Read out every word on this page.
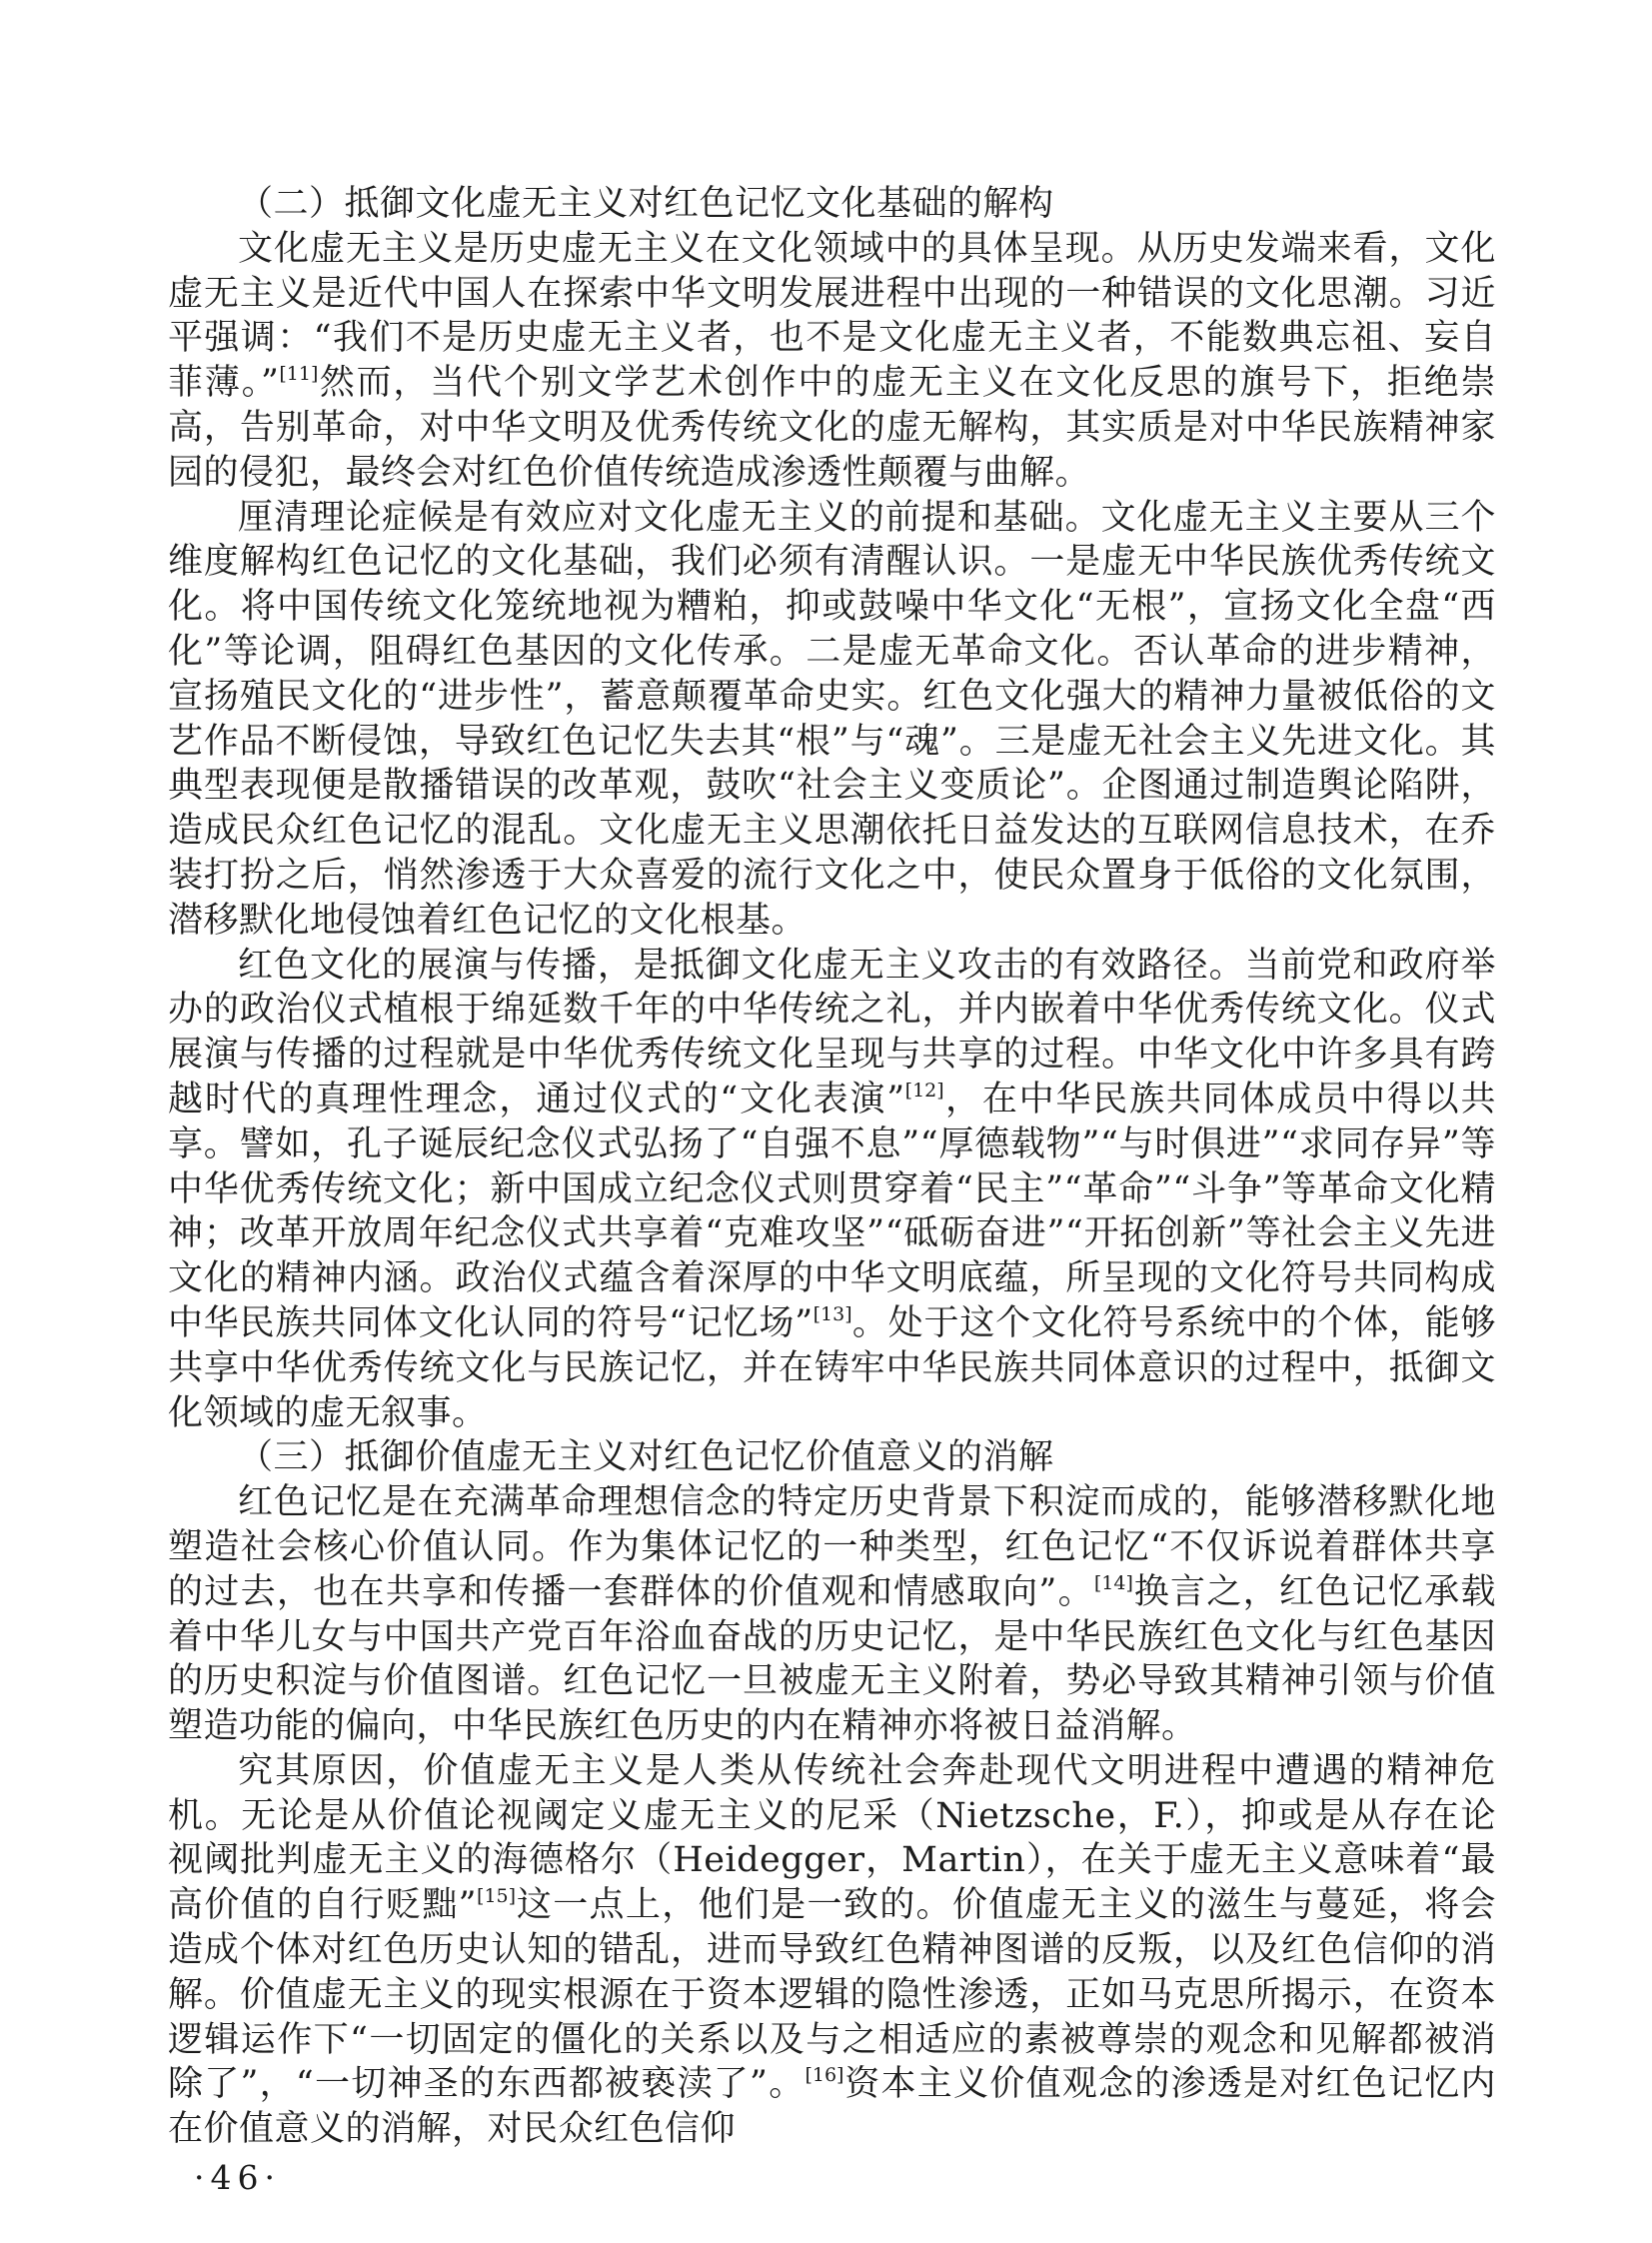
（二）抵御文化虚无主义对红色记忆文化基础的解构

文化虚无主义是历史虚无主义在文化领域中的具体呈现。从历史发端来看，文化虚无主义是近代中国人在探索中华文明发展进程中出现的一种错误的文化思潮。习近平强调：“我们不是历史虚无主义者，也不是文化虚无主义者，不能数典忘祖、妄自菲薄。”[11]然而，当代个别文学艺术创作中的虚无主义在文化反思的旗号下，拒绝崇高，告别革命，对中华文明及优秀传统文化的虚无解构，其实质是对中华民族精神家园的侵犯，最终会对红色价值传统造成渗透性颠覆与曲解。

厘清理论症候是有效应对文化虚无主义的前提和基础。文化虚无主义主要从三个维度解构红色记忆的文化基础，我们必须有清醒认识。一是虚无中华民族优秀传统文化。将中国传统文化笼统地视为糟粕，抑或鼓噪中华文化“无根”，宣扬文化全盘“西化”等论调，阻碍红色基因的文化传承。二是虚无革命文化。否认革命的进步精神，宣扬殖民文化的“进步性”，蓄意颠覆革命史实。红色文化强大的精神力量被低俗的文艺作品不断侵蚀，导致红色记忆失去其“根”与“魂”。三是虚无社会主义先进文化。其典型表现便是散播错误的改革观，鼓吹“社会主义变质论”。企图通过制造舆论陷阱，造成民众红色记忆的混乱。文化虚无主义思潮依托日益发达的互联网信息技术，在乔装打扮之后，悄然渗透于大众喜爱的流行文化之中，使民众置身于低俗的文化氛围，潜移默化地侵蚀着红色记忆的文化根基。

红色文化的展演与传播，是抵御文化虚无主义攻击的有效路径。当前党和政府举办的政治仪式植根于绵延数千年的中华传统之礼，并内嵌着中华优秀传统文化。仪式展演与传播的过程就是中华优秀传统文化呈现与共享的过程。中华文化中许多具有跨越时代的真理性理念，通过仪式的“文化表演”[12]，在中华民族共同体成员中得以共享。譬如，孔子诞辰纪念仪式弘扬了“自强不息”“厚德载物”“与时俱进”“求同存异”等中华优秀传统文化；新中国成立纪念仪式则贯穿着“民主”“革命”“斗争”等革命文化精神；改革开放周年纪念仪式共享着“克难攻坚”“砥砺奋进”“开拓创新”等社会主义先进文化的精神内涵。政治仪式蕴含着深厚的中华文明底蕴，所呈现的文化符号共同构成中华民族共同体文化认同的符号“记忆场”[13]。处于这个文化符号系统中的个体，能够共享中华优秀传统文化与民族记忆，并在铸牢中华民族共同体意识的过程中，抵御文化领域的虚无叙事。

（三）抵御价值虚无主义对红色记忆价值意义的消解

红色记忆是在充满革命理想信念的特定历史背景下积淀而成的，能够潜移默化地塑造社会核心价值认同。作为集体记忆的一种类型，红色记忆“不仅诉说着群体共享的过去，也在共享和传播一套群体的价值观和情感取向”。[14]换言之，红色记忆承载着中华儿女与中国共产党百年浴血奋战的历史记忆，是中华民族红色文化与红色基因的历史积淀与价值图谱。红色记忆一旦被虚无主义附着，势必导致其精神引领与价值塑造功能的偏向，中华民族红色历史的内在精神亦将被日益消解。

究其原因，价值虚无主义是人类从传统社会奔赴现代文明进程中遭遇的精神危机。无论是从价值论视阈定义虚无主义的尼采（Nietzsche，F.），抑或是从存在论视阈批判虚无主义的海德格尔（Heidegger，Martin），在关于虚无主义意味着“最高价值的自行贬黜”[15]这一点上，他们是一致的。价值虚无主义的滋生与蔓延，将会造成个体对红色历史认知的错乱，进而导致红色精神图谱的反叛，以及红色信仰的消解。价值虚无主义的现实根源在于资本逻辑的隐性渗透，正如马克思所揭示，在资本逻辑运作下“一切固定的僵化的关系以及与之相适应的素被尊崇的观念和见解都被消除了”，“一切神圣的东西都被亵渎了”。[16]资本主义价值观念的渗透是对红色记忆内在价值意义的消解，对民众红色信仰

·46·
